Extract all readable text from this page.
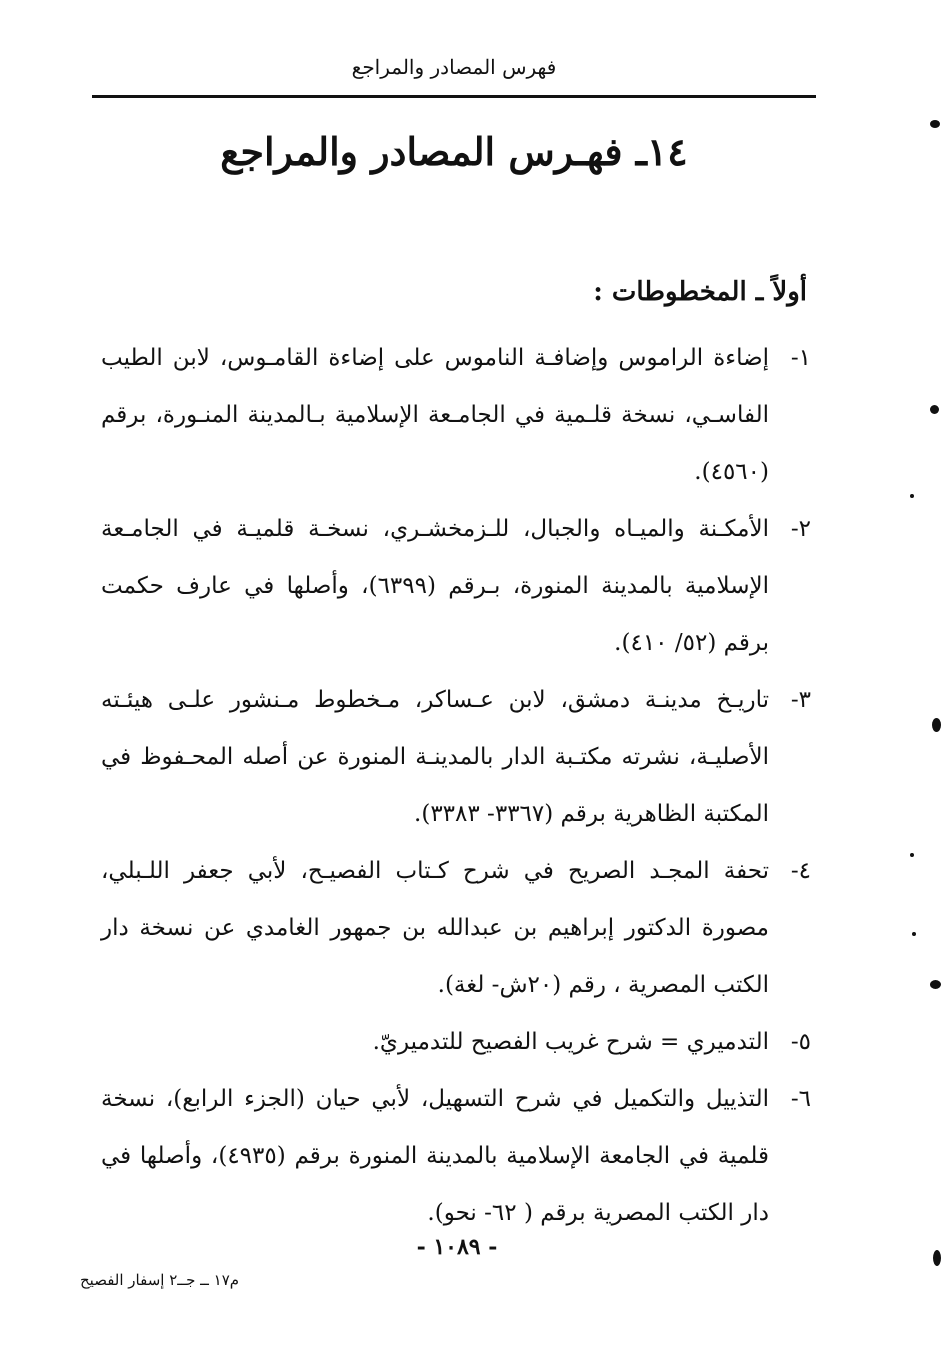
فهرس المصادر والمراجع
١٤ـ فهـرس المصادر والمراجع
أولاً ـ المخطوطات :
١-
إضاءة الراموس وإضافـة الناموس على إضاءة القامـوس، لابن الطيب الفاسـي، نسخة قلـمية في الجامـعة الإسلامية بـالمدينة المنـورة، برقم (٤٥٦٠).
٢-
الأمكـنة والميـاه والجبال، للـزمخشـري، نسخـة قلميـة في الجامـعة الإسلامية بالمدينة المنورة، بـرقم (٦٣٩٩)، وأصلها في عارف حكمت برقم (٥٢/ ٤١٠).
٣-
تاريـخ مدينـة دمشق، لابن عـساكر، مـخطوط مـنشور علـى هيئـته الأصليـة، نشرته مكتـبة الدار بالمدينـة المنورة عن أصله المحـفوظ في المكتبة الظاهرية برقم (٣٣٦٧- ٣٣٨٣).
٤-
تحفة المجـد الصريح في شرح كـتاب الفصيـح، لأبي جعفر اللـبلي، مصورة الدكتور إبراهيم بن عبدالله بن جمهور الغامدي عن نسخة دار الكتب المصرية ، رقم (٢٠ش- لغة).
٥-
التدميري = شرح غريب الفصيح للتدميريّ.
٦-
التذييل والتكميل في شرح التسهيل، لأبي حيان (الجزء الرابع)، نسخة قلمية في الجامعة الإسلامية بالمدينة المنورة برقم (٤٩٣٥)، وأصلها في دار الكتب المصرية برقم ( ٦٢- نحو).
- ١٠٨٩ -
م١٧ ــ جــ٢ إسفار الفصيح
